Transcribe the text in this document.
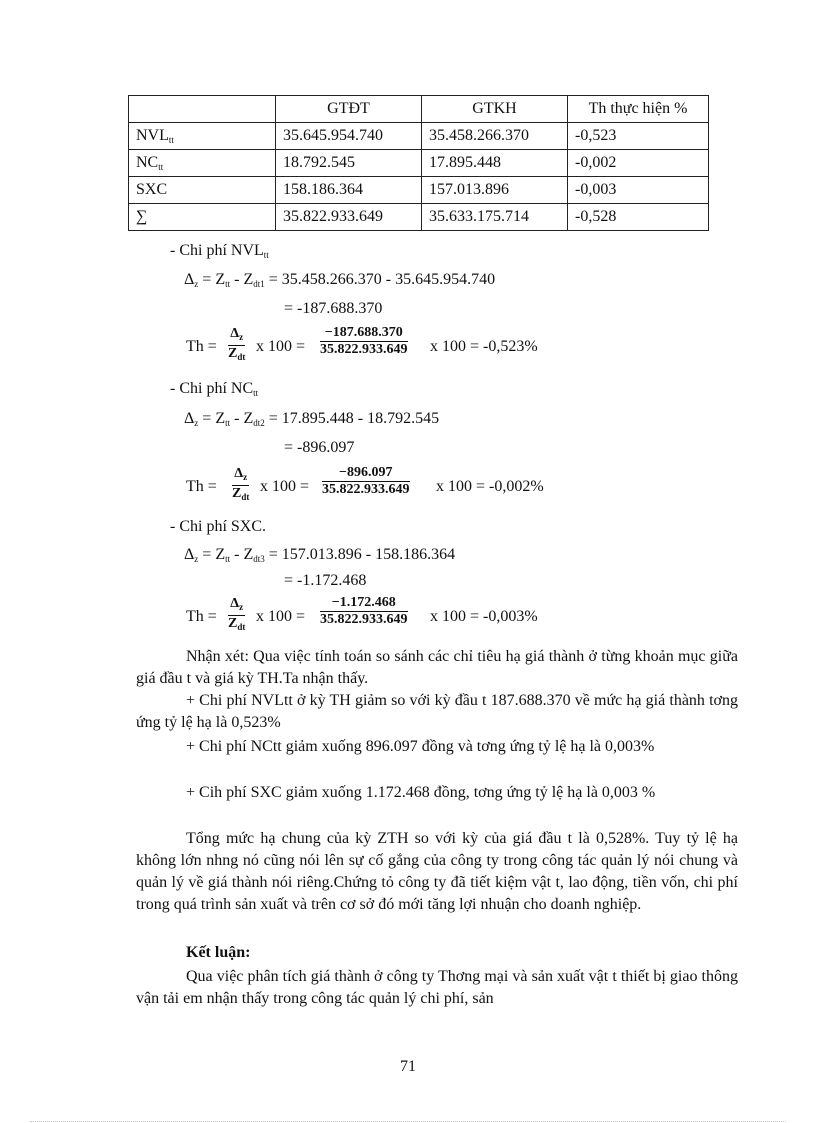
	GTĐT	GTKH	Th thực hiện %
$NVL_{tt}$	35.645.954.740	35.458.266.370	-0,523
$NC_{tt}$	18.792.545	17.895.448	-0,002
SXC	158.186.364	157.013.896	-0,003
∑	35.822.933.649	35.633.175.714	-0,528
- Chi phí $NVL_{tt}$
$\Delta_z = Z_{tt} - Z_{dt1} = 35.458.266.370 - 35.645.954.740$
= -187.688.370
Th =
$\Delta_z$
$Z_{dt}$
x $100 = \frac{-187.688.370}{35.822.933.649}$ x 100 = -0,523%
- Chi phí $NC_{tt}$
$\Delta_z = Z_{tt} - Z_{dt2} = 17.895.448 - 18.792.545$
= -896.097
Th =
$\Delta_z$
$Z_{dt}$
x $100 = \frac{-896.097}{35.822.933.649}$ x 100 = -0,002%
- Chi phí SXC.
$\Delta_z = Z_{tt} - Z_{dt3} = 157.013.896 - 158.186.364$
= -1.172.468
Th =
$\Delta_z$
$Z_{dt}$
x $100 = \frac{-1.172.468}{35.822.933.649}$ x 100 = -0,003%
Nhận xét: Qua việc tính toán so sánh các chỉ tiêu hạ giá thành ở từng khoản mục giữa giá đầu t và giá kỳ TH.Ta nhận thấy.
+ Chi phí NVLtt ở kỳ TH giảm so với kỳ đầu t 187.688.370 về mức hạ giá thành tơng ứng tỷ lệ hạ là 0,523%
+ Chi phí NCtt giảm xuống 896.097 đồng và tơng ứng tỷ lệ hạ là 0,003%
+ Cih phí SXC giảm xuống 1.172.468 đồng, tơng ứng tỷ lệ hạ là 0,003 %
Tổng mức hạ chung của kỳ ZTH so với kỳ của giá đầu t là 0,528%. Tuy tỷ lệ hạ không lớn nhng nó cũng nói lên sự cố gắng của công ty trong công tác quản lý nói chung và quản lý về giá thành nói riêng.Chứng tỏ công ty đã tiết kiệm vật t, lao động, tiền vốn, chi phí trong quá trình sản xuất và trên cơ sở đó mới tăng lợi nhuận cho doanh nghiệp.
Kết luận:
Qua việc phân tích giá thành ở công ty Thơng mại và sản xuất vật t thiết bị giao thông vận tải em nhận thấy trong công tác quản lý chi phí, sản
71
